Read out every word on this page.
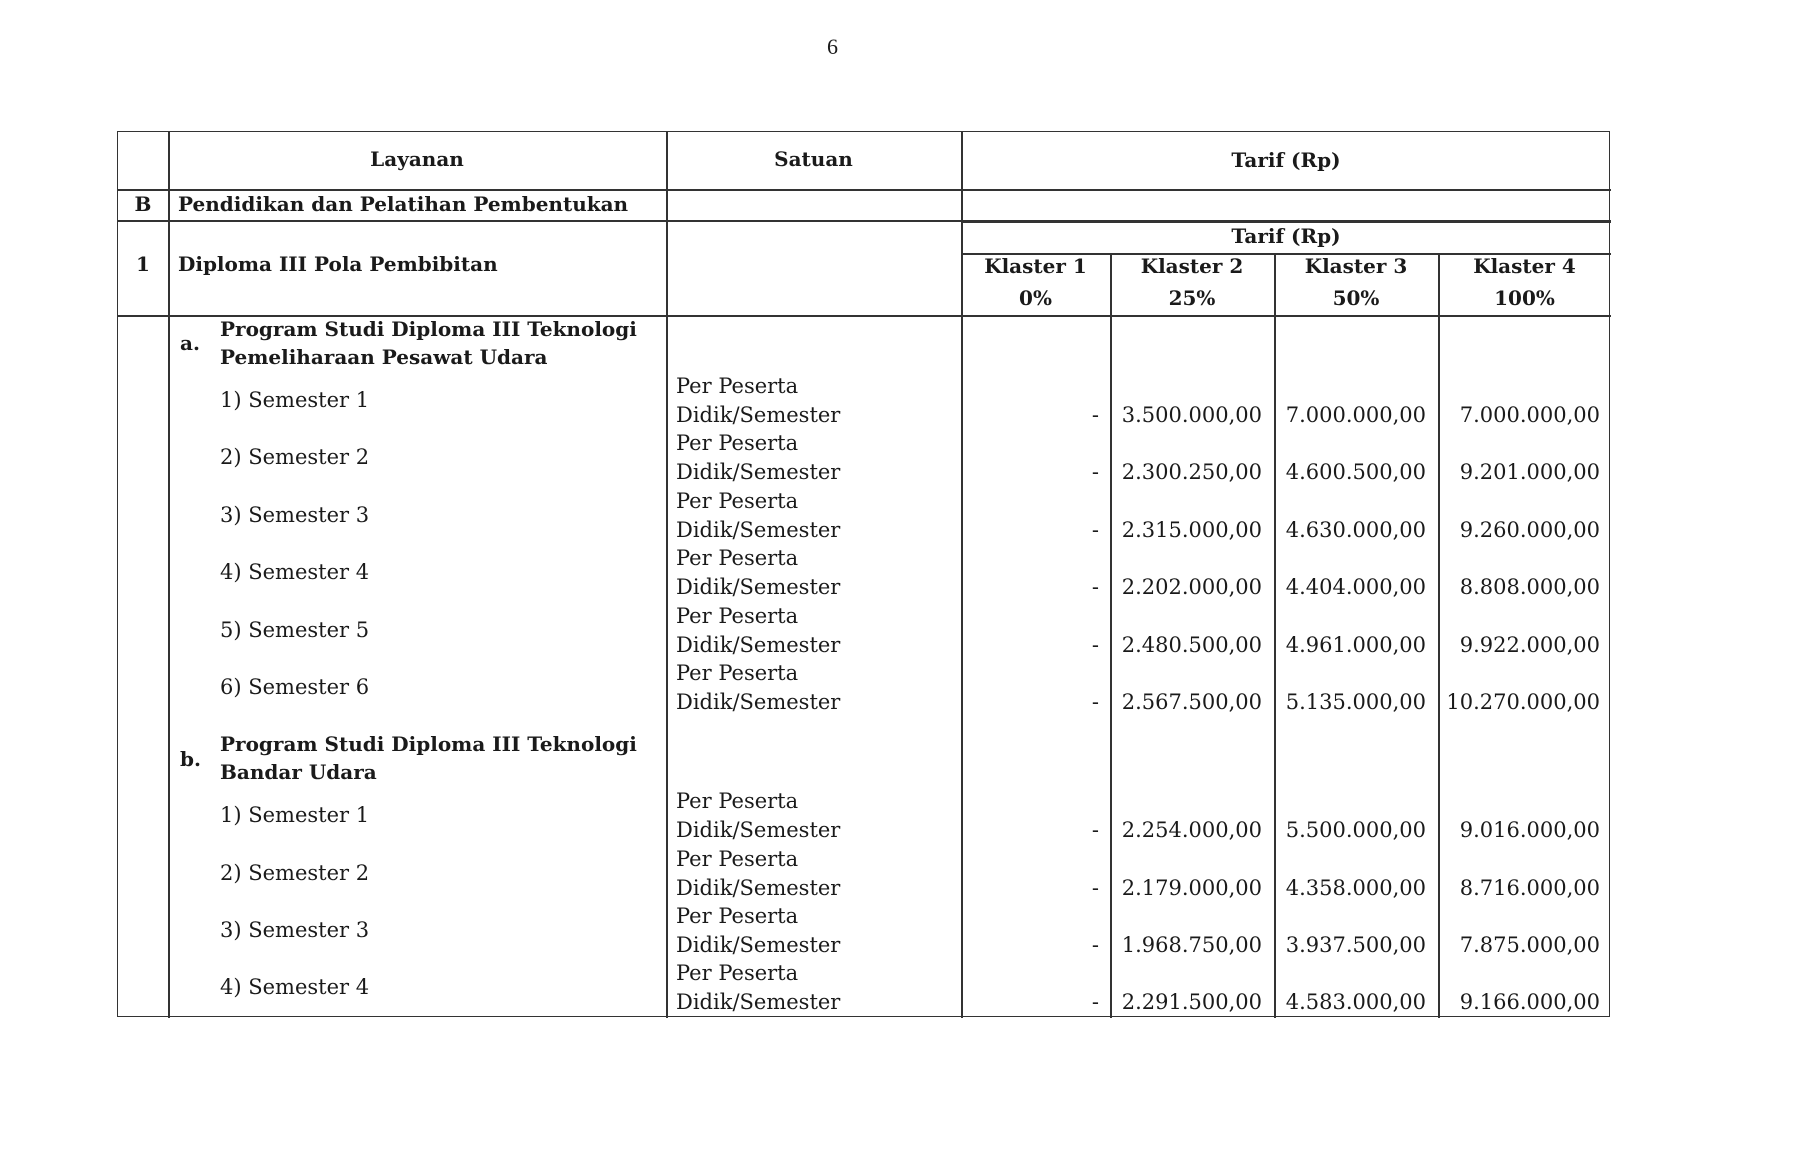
6
Layanan	Satuan	Tarif (Rp)
B	Pendidikan dan Pelatihan Pembentukan
1	Diploma III Pola Pembibitan
Tarif (Rp)
Klaster 1	Klaster 2	Klaster 3	Klaster 4
0%	25%	50%	100%
a.
Program Studi Diploma III Teknologi
Pemeliharaan Pesawat Udara
1) Semester 1
Per Peserta
Didik/Semester	-	3.500.000,00	7.000.000,00	7.000.000,00
2) Semester 2
Per Peserta
Didik/Semester	-	2.300.250,00	4.600.500,00	9.201.000,00
3) Semester 3
Per Peserta
Didik/Semester	-	2.315.000,00	4.630.000,00	9.260.000,00
4) Semester 4
Per Peserta
Didik/Semester	-	2.202.000,00	4.404.000,00	8.808.000,00
5) Semester 5
Per Peserta
Didik/Semester	-	2.480.500,00	4.961.000,00	9.922.000,00
6) Semester 6
Per Peserta
Didik/Semester	-	2.567.500,00	5.135.000,00 10.270.000,00
b.
Program Studi Diploma III Teknologi
Bandar Udara
1) Semester 1
Per Peserta
Didik/Semester	-	2.254.000,00	5.500.000,00	9.016.000,00
2) Semester 2
Per Peserta
Didik/Semester	-	2.179.000,00	4.358.000,00	8.716.000,00
3) Semester 3
Per Peserta
Didik/Semester	-	1.968.750,00	3.937.500,00	7.875.000,00
4) Semester 4
Per Peserta
Didik/Semester	-	2.291.500,00	4.583.000,00	9.166.000,00
